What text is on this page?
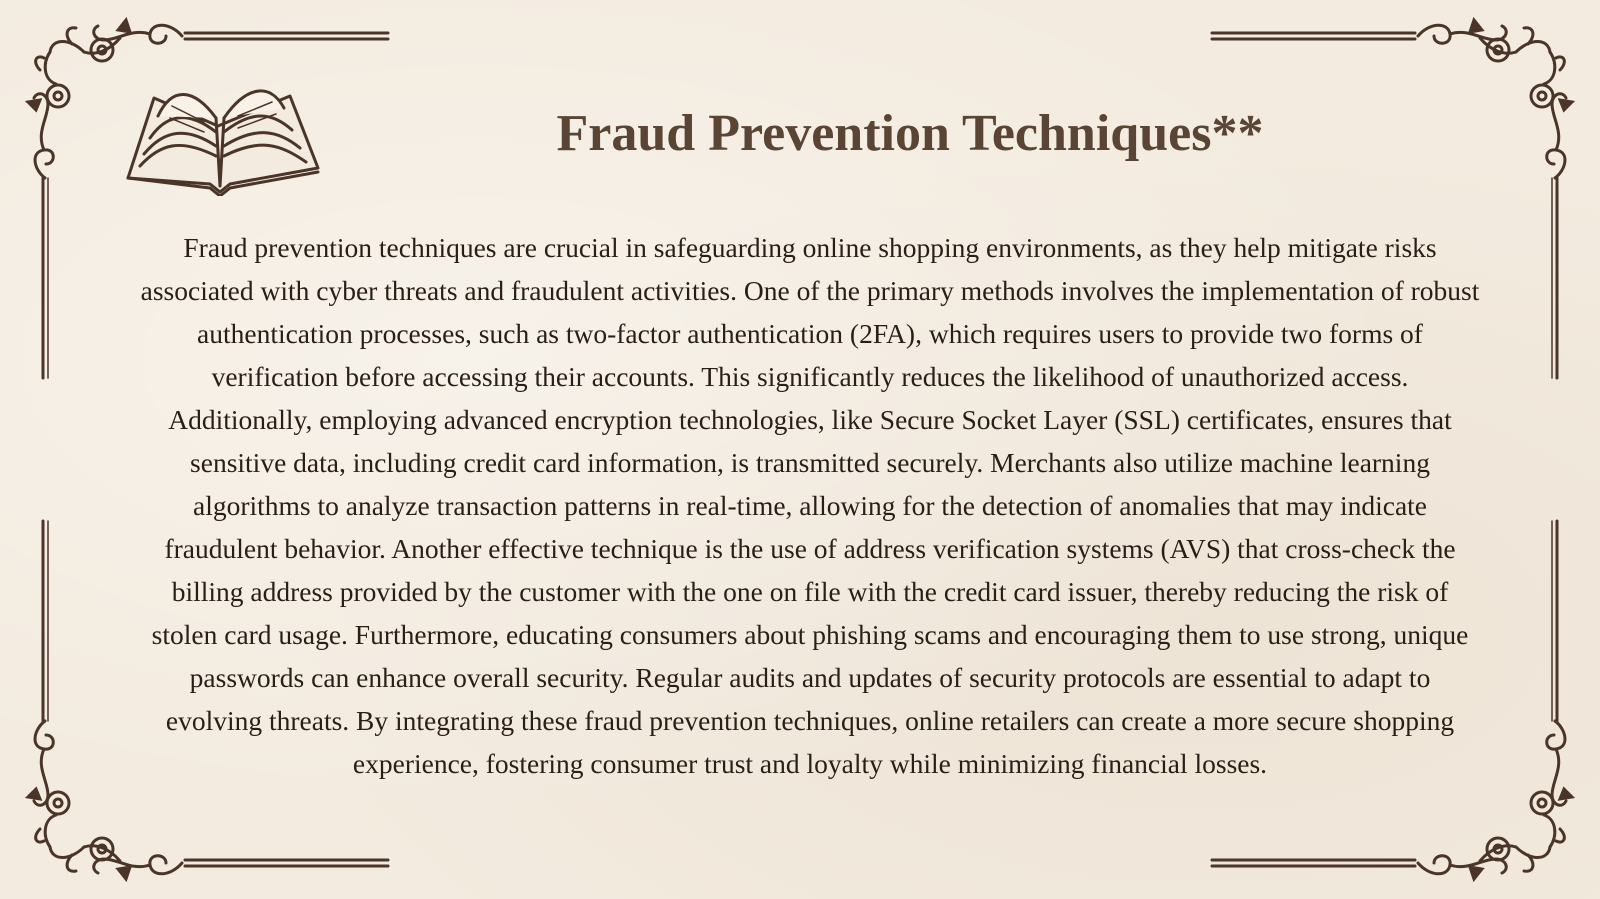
Fraud Prevention Techniques**

Fraud prevention techniques are crucial in safeguarding online shopping environments, as they help mitigate risks associated with cyber threats and fraudulent activities. One of the primary methods involves the implementation of robust authentication processes, such as two-factor authentication (2FA), which requires users to provide two forms of verification before accessing their accounts. This significantly reduces the likelihood of unauthorized access. Additionally, employing advanced encryption technologies, like Secure Socket Layer (SSL) certificates, ensures that sensitive data, including credit card information, is transmitted securely. Merchants also utilize machine learning algorithms to analyze transaction patterns in real-time, allowing for the detection of anomalies that may indicate fraudulent behavior. Another effective technique is the use of address verification systems (AVS) that cross-check the billing address provided by the customer with the one on file with the credit card issuer, thereby reducing the risk of stolen card usage. Furthermore, educating consumers about phishing scams and encouraging them to use strong, unique passwords can enhance overall security. Regular audits and updates of security protocols are essential to adapt to evolving threats. By integrating these fraud prevention techniques, online retailers can create a more secure shopping experience, fostering consumer trust and loyalty while minimizing financial losses.
